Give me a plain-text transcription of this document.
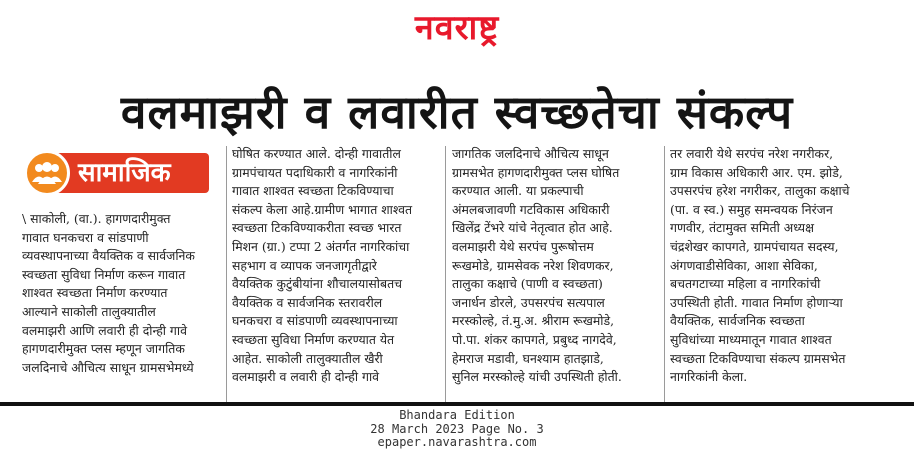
नवराष्ट्र
वलमाझरी व लवारीत स्वच्छतेचा संकल्प
सामाजिक
\ साकोली, (वा.). हागणदारीमुक्त
गावात घनकचरा व सांडपाणी
व्यवस्थापनाच्या वैयक्तिक व सार्वजनिक
स्वच्छता सुविधा निर्माण करून गावात
शाश्वत स्वच्छता निर्माण करण्यात
आल्याने साकोली तालुक्यातील
वलमाझरी आणि लवारी ही दोन्ही गावे
हागणदारीमुक्त प्लस म्हणून जागतिक
जलदिनाचे औचित्य साधून ग्रामसभेमध्ये
घोषित करण्यात आले. दोन्ही गावातील
ग्रामपंचायत पदाधिकारी व नागरिकांनी
गावात शाश्वत स्वच्छता टिकविण्याचा
संकल्प केला आहे.ग्रामीण भागात शाश्वत
स्वच्छता टिकविण्याकरीता स्वच्छ भारत
मिशन (ग्रा.) टप्पा 2 अंतर्गत नागरिकांचा
सहभाग व व्यापक जनजागृतीद्वारे
वैयक्तिक कुटुंबीयांना शौचालयासोबतच
वैयक्तिक व सार्वजनिक स्तरावरील
घनकचरा व सांडपाणी व्यवस्थापनाच्या
स्वच्छता सुविधा निर्माण करण्यात येत
आहेत. साकोली तालुक्यातील खैरी
वलमाझरी व लवारी ही दोन्ही गावे
जागतिक जलदिनाचे औचित्य साधून
ग्रामसभेत हागणदारीमुक्त प्लस घोषित
करण्यात आली. या प्रकल्पाची
अंमलबजावणी गटविकास अधिकारी
खिलेंद्र टेंभरे यांचे नेतृत्वात होत आहे.
वलमाझरी येथे सरपंच पुरूषोत्तम
रूखमोडे, ग्रामसेवक नरेश शिवणकर,
तालुका कक्षाचे (पाणी व स्वच्छता)
जनार्धन डोरले, उपसरपंच सत्यपाल
मरस्कोल्हे, तं.मु.अ. श्रीराम रूखमोडे,
पो.पा. शंकर कापगते, प्रबुध्द नागदेवे,
हेमराज मडावी, घनश्याम हातझाडे,
सुनिल मरस्कोल्हे यांची उपस्थिती होती.
तर लवारी येथे सरपंच नरेश नगरीकर,
ग्राम विकास अधिकारी आर. एम. झोडे,
उपसरपंच हरेश नगरीकर, तालुका कक्षाचे
(पा. व स्व.) समुह समन्वयक निरंजन
गणवीर, तंटामुक्त समिती अध्यक्ष
चंद्रशेखर कापगते, ग्रामपंचायत सदस्य,
अंगणवाडीसेविका, आशा सेविका,
बचतगटाच्या महिला व नागरिकांची
उपस्थिती होती. गावात निर्माण होणाऱ्या
वैयक्तिक, सार्वजनिक स्वच्छता
सुविधांच्या माध्यमातून गावात शाश्वत
स्वच्छता टिकविण्याचा संकल्प ग्रामसभेत
नागरिकांनी केला.
Bhandara Edition
28 March 2023 Page No. 3
epaper.navarashtra.com
